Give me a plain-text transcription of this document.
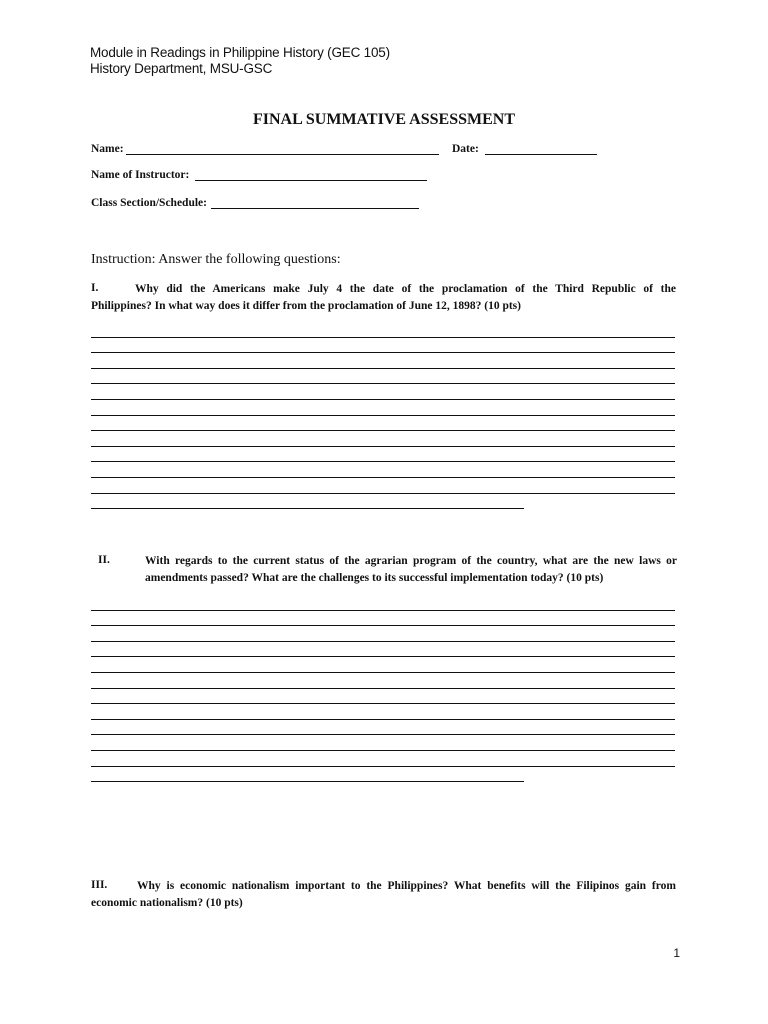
Module in Readings in Philippine History (GEC 105)
History Department, MSU-GSC
FINAL SUMMATIVE ASSESSMENT
Name:	Date:
Name of Instructor:
Class Section/Schedule:
Instruction: Answer the following questions:
I.	Why did the Americans make July 4 the date of the proclamation of the Third Republic of the
Philippines? In what way does it differ from the proclamation of June 12, 1898? (10 pts)
II.	With regards to the current status of the agrarian program of the country, what are the new laws or amendments passed? What are the challenges to its successful implementation today? (10 pts)
III.	Why is economic nationalism important to the Philippines? What benefits will the Filipinos gain from economic nationalism? (10 pts)
1
